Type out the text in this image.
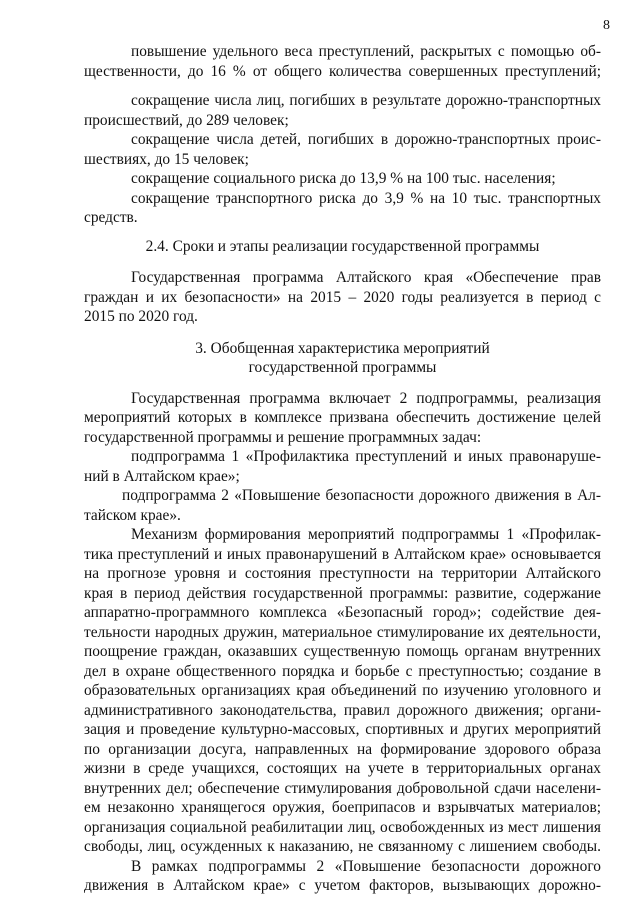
8
повышение удельного веса преступлений, раскрытых с помощью об-
щественности, до 16 % от общего количества совершенных преступлений;
сокращение числа лиц, погибших в результате дорожно-транспортных
происшествий, до 289 человек;
сокращение числа детей, погибших в дорожно-транспортных проис-
шествиях, до 15 человек;
сокращение социального риска до 13,9 % на 100 тыс. населения;
сокращение транспортного риска до 3,9 % на 10 тыс. транспортных
средств.
2.4. Сроки и этапы реализации государственной программы
Государственная программа Алтайского края «Обеспечение прав
граждан и их безопасности» на 2015 – 2020 годы реализуется в период с
2015 по 2020 год.
3. Обобщенная характеристика мероприятий
государственной программы
Государственная программа включает 2 подпрограммы, реализация
мероприятий которых в комплексе призвана обеспечить достижение целей
государственной программы и решение программных задач:
подпрограмма 1 «Профилактика преступлений и иных правонаруше-
ний в Алтайском крае»;
подпрограмма 2 «Повышение безопасности дорожного движения в Ал-
тайском крае».
Механизм формирования мероприятий подпрограммы 1 «Профилак-
тика преступлений и иных правонарушений в Алтайском крае» основывается
на прогнозе уровня и состояния преступности на территории Алтайского
края в период действия государственной программы: развитие, содержание
аппаратно-программного комплекса «Безопасный город»; содействие дея-
тельности народных дружин, материальное стимулирование их деятельности,
поощрение граждан, оказавших существенную помощь органам внутренних
дел в охране общественного порядка и борьбе с преступностью; создание в
образовательных организациях края объединений по изучению уголовного и
административного законодательства, правил дорожного движения; органи-
зация и проведение культурно-массовых, спортивных и других мероприятий
по организации досуга, направленных на формирование здорового образа
жизни в среде учащихся, состоящих на учете в территориальных органах
внутренних дел; обеспечение стимулирования добровольной сдачи населени-
ем незаконно хранящегося оружия, боеприпасов и взрывчатых материалов;
организация социальной реабилитации лиц, освобожденных из мест лишения
свободы, лиц, осужденных к наказанию, не связанному с лишением свободы.
В рамках подпрограммы 2 «Повышение безопасности дорожного
движения в Алтайском крае» с учетом факторов, вызывающих дорожно-
